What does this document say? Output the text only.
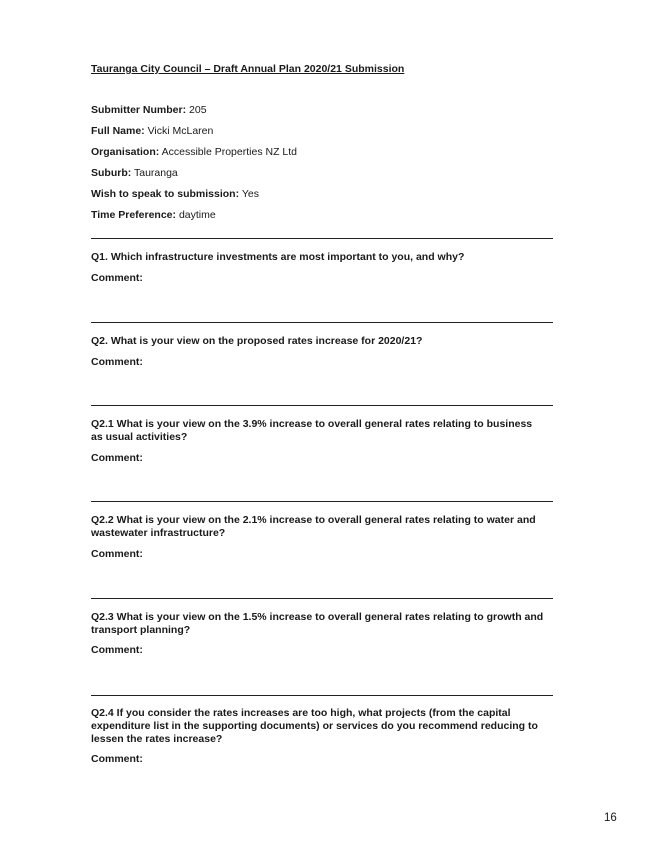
Tauranga City Council – Draft Annual Plan 2020/21 Submission
Submitter Number: 205
Full Name: Vicki McLaren
Organisation: Accessible Properties NZ Ltd
Suburb: Tauranga
Wish to speak to submission: Yes
Time Preference: daytime
Q1. Which infrastructure investments are most important to you, and why?
Comment:
Q2. What is your view on the proposed rates increase for 2020/21?
Comment:
Q2.1 What is your view on the 3.9% increase to overall general rates relating to business as usual activities?
Comment:
Q2.2 What is your view on the 2.1% increase to overall general rates relating to water and wastewater infrastructure?
Comment:
Q2.3 What is your view on the 1.5% increase to overall general rates relating to growth and transport planning?
Comment:
Q2.4 If you consider the rates increases are too high, what projects (from the capital expenditure list in the supporting documents) or services do you recommend reducing to lessen the rates increase?
Comment:
16
